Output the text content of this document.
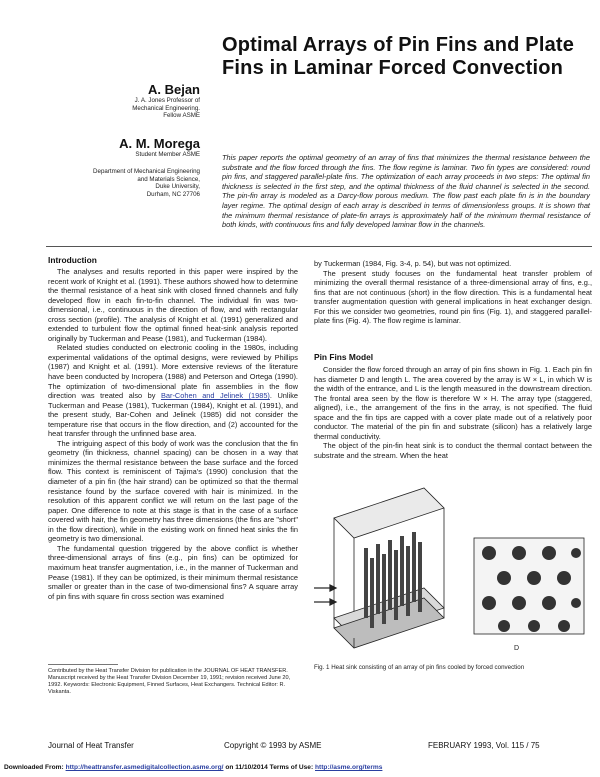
Optimal Arrays of Pin Fins and Plate Fins in Laminar Forced Convection
A. Bejan
J. A. Jones Professor of
Mechanical Engineering.
Fellow ASME
A. M. Morega
Student Member ASME
Department of Mechanical Engineering
and Materials Science,
Duke University,
Durham, NC 27706
This paper reports the optimal geometry of an array of fins that minimizes the thermal resistance between the substrate and the flow forced through the fins. The flow regime is laminar. Two fin types are considered: round pin fins, and staggered parallel-plate fins. The optimization of each array proceeds in two steps: The optimal fin thickness is selected in the first step, and the optimal thickness of the fluid channel is selected in the second. The pin-fin array is modeled as a Darcy-flow porous medium. The flow past each plate fin is in the boundary layer regime. The optimal design of each array is described in terms of dimensionless groups. It is shown that the minimum thermal resistance of plate-fin arrays is approximately half of the minimum thermal resistance of both kinds, with continuous fins and fully developed laminar flow in the channels.
Introduction

The analyses and results reported in this paper were inspired by the recent work of Knight et al. (1991). These authors showed how to determine the thermal resistance of a heat sink with closed finned channels and fully developed flow in each fin-to-fin channel. The individual fin was two-dimensional, i.e., continuous in the direction of flow, and with rectangular cross section (profile). The analysis of Knight et al. (1991) generalized and extended to turbulent flow the optimal finned heat-sink analysis reported originally by Tuckerman and Pease (1981), and Tuckerman (1984).

Related studies conducted on electronic cooling in the 1980s, including experimental validations of the optimal designs, were reviewed by Phillips (1987) and Knight et al. (1991). More extensive reviews of the literature have been conducted by Incropera (1988) and Peterson and Ortega (1990). The optimization of two-dimensional plate fin assemblies in the flow direction was treated also by Bar-Cohen and Jelinek (1985). Unlike Tuckerman and Pease (1981), Tuckerman (1984), Knight et al. (1991), and the present study, Bar-Cohen and Jelinek (1985) did not consider the temperature rise that occurs in the flow direction, and (2) accounted for the heat transfer through the unfinned base area.

The intriguing aspect of this body of work was the conclusion that the fin geometry (fin thickness, channel spacing) can be chosen in a way that minimizes the thermal resistance between the base surface and the forced flow. This context is reminiscent of Tajima's (1990) conclusion that the diameter of a pin fin (the hair strand) can be optimized so that the thermal resistance found by the surface covered with hair is minimized. In the resolution of this apparent conflict we will return on the last page of the paper. One difference to note at this stage is that in the case of a surface covered with hair, the fin geometry has three dimensions (the fins are "short" in the flow direction), while in the existing work on finned heat sinks the fin geometry is two dimensional.

The fundamental question triggered by the above conflict is whether three-dimensional arrays of fins (e.g., pin fins) can be optimized for maximum heat transfer augmentation, i.e., in the manner of Tuckerman and Pease (1981). If they can be optimized, is their minimum thermal resistance smaller or greater than in the case of two-dimensional fins? A square array of pin fins with square fin cross section was examined

Contributed by the Heat Transfer Division for publication in the JOURNAL OF HEAT TRANSFER. Manuscript received by the Heat Transfer Division December 19, 1991; revision received June 20, 1992. Keywords: Electronic Equipment, Finned Surfaces, Heat Exchangers. Technical Editor: R. Viskanta.

by Tuckerman (1984, Fig. 3-4, p. 54), but was not optimized.

The present study focuses on the fundamental heat transfer problem of minimizing the overall thermal resistance of a three-dimensional array of fins, e.g., fins that are not continuous (short) in the flow direction. This is a fundamental heat transfer augmentation question with general implications in heat exchanger design. For this we consider two geometries, round pin fins (Fig. 1), and staggered parallel-plate fins (Fig. 4). The flow regime is laminar.

Pin Fins Model

Consider the flow forced through an array of pin fins shown in Fig. 1. Each pin fin has diameter D and length L. The area covered by the array is W × L, in which W is the width of the entrance, and L is the length measured in the downstream direction. The frontal area seen by the flow is therefore W × H. The array type (staggered, aligned), i.e., the arrangement of the fins in the array, is not specified. The fluid space and the fin tips are capped with a cover plate made out of a relatively poor conductor. The material of the pin fin and substrate (silicon) has a relatively large thermal conductivity.

The object of the pin-fin heat sink is to conduct the thermal contact between the substrate and the stream. When the heat

D
Fig. 1 Heat sink consisting of an array of pin fins cooled by forced convection
Journal of Heat Transfer	Copyright © 1993 by ASME	FEBRUARY 1993, Vol. 115 / 75
Downloaded From: http://heattransfer.asmedigitalcollection.asme.org/ on 11/10/2014 Terms of Use: http://asme.org/terms
